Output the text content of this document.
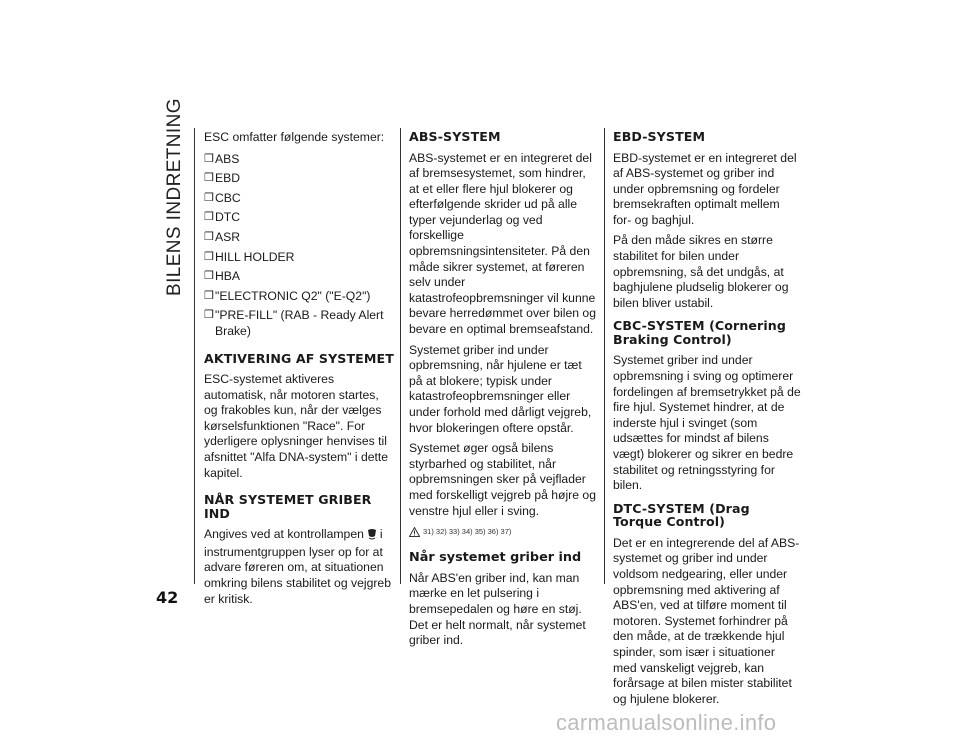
BILENS INDRETNING ESC omfatter følgende systemer:

❒ ABS
❒ EBD
❒ CBC
❒ DTC
❒ ASR
❒ HILL HOLDER
❒ HBA
❒ "ELECTRONIC Q2" ("E-Q2")
❒ "PRE-FILL" (RAB - Ready Alert Brake)
AKTIVERING AF SYSTEMET

ESC-systemet aktiveres automatisk, når motoren startes, og frakobles kun, når der vælges kørselsfunktionen "Race". For yderligere oplysninger henvises til afsnittet "Alfa DNA-system" i dette kapitel.

NÅR SYSTEMET GRIBER IND

Angives ved at kontrollampen i instrumentgruppen lyser op for at advare føreren om, at situationen omkring bilens stabilitet og vejgreb er kritisk.

ABS-SYSTEM

ABS-systemet er en integreret del af bremsesystemet, som hindrer, at et eller flere hjul blokerer og efterfølgende skrider ud på alle typer vejunderlag og ved forskellige opbremsningsintensiteter. På den måde sikrer systemet, at føreren selv under katastrofeopbremsninger vil kunne bevare herredømmet over bilen og bevare en optimal bremseafstand.

Systemet griber ind under opbremsning, når hjulene er tæt på at blokere; typisk under katastrofeopbremsninger eller under forhold med dårligt vejgreb, hvor blokeringen oftere opstår.

Systemet øger også bilens styrbarhed og stabilitet, når opbremsningen sker på vejflader med forskelligt vejgreb på højre og venstre hjul eller i sving.

31) 32) 33) 34) 35) 36) 37)
Når systemet griber ind

Når ABS'en griber ind, kan man mærke en let pulsering i bremsepedalen og høre en støj. Det er helt normalt, når systemet griber ind.

EBD-SYSTEM

EBD-systemet er en integreret del af ABS-systemet og griber ind under opbremsning og fordeler bremsekraften optimalt mellem for- og baghjul.

På den måde sikres en større stabilitet for bilen under opbremsning, så det undgås, at baghjulene pludselig blokerer og bilen bliver ustabil.

CBC-SYSTEM (Cornering Braking Control)

Systemet griber ind under opbremsning i sving og optimerer fordelingen af bremsetrykket på de fire hjul. Systemet hindrer, at de inderste hjul i svinget (som udsættes for mindst af bilens vægt) blokerer og sikrer en bedre stabilitet og retningsstyring for bilen.

DTC-SYSTEM (Drag Torque Control)

Det er en integrerende del af ABS-systemet og griber ind under voldsom nedgearing, eller under opbremsning med aktivering af ABS'en, ved at tilføre moment til motoren. Systemet forhindrer på den måde, at de trækkende hjul spinder, som især i situationer med vanskeligt vejgreb, kan forårsage at bilen mister stabilitet og hjulene blokerer.

42
carmanualsonline.info
